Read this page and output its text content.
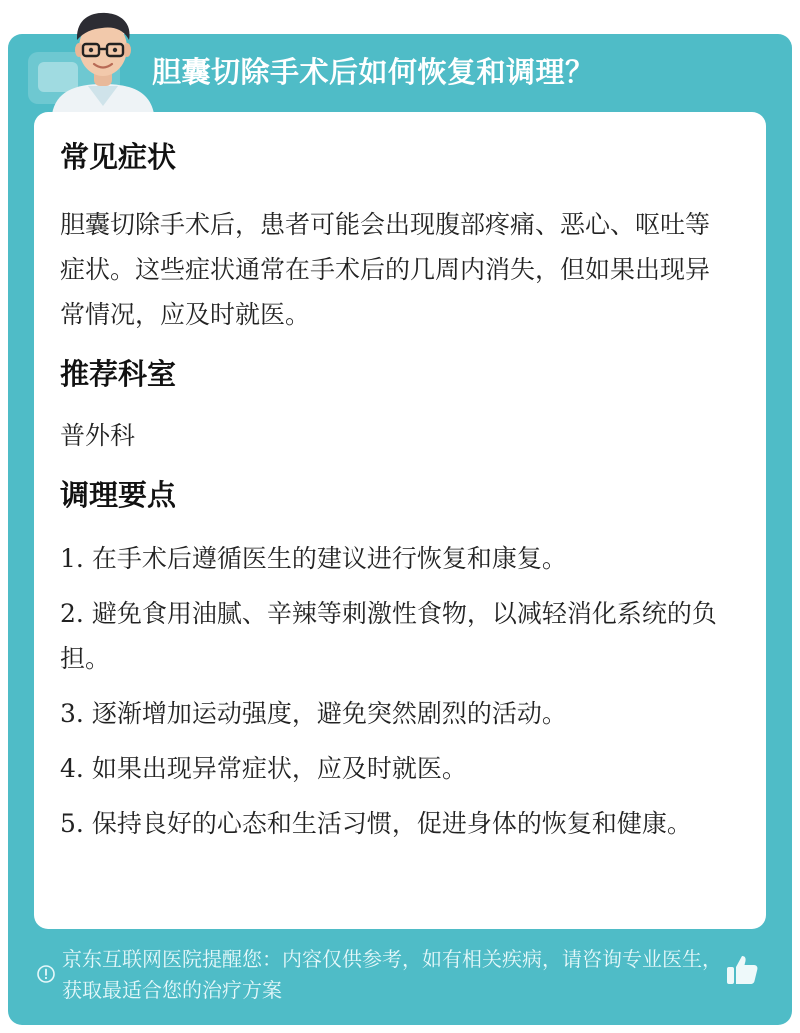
胆囊切除手术后如何恢复和调理？
常见症状

胆囊切除手术后，患者可能会出现腹部疼痛、恶心、呕吐等症状。这些症状通常在手术后的几周内消失，但如果出现异常情况，应及时就医。

推荐科室

普外科

调理要点
1. 在手术后遵循医生的建议进行恢复和康复。
2. 避免食用油腻、辛辣等刺激性食物，以减轻消化系统的负担。
3. 逐渐增加运动强度，避免突然剧烈的活动。
4. 如果出现异常症状，应及时就医。
5. 保持良好的心态和生活习惯，促进身体的恢复和健康。

京东互联网医院提醒您：内容仅供参考，如有相关疾病，请咨询专业医生，获取最适合您的治疗方案
